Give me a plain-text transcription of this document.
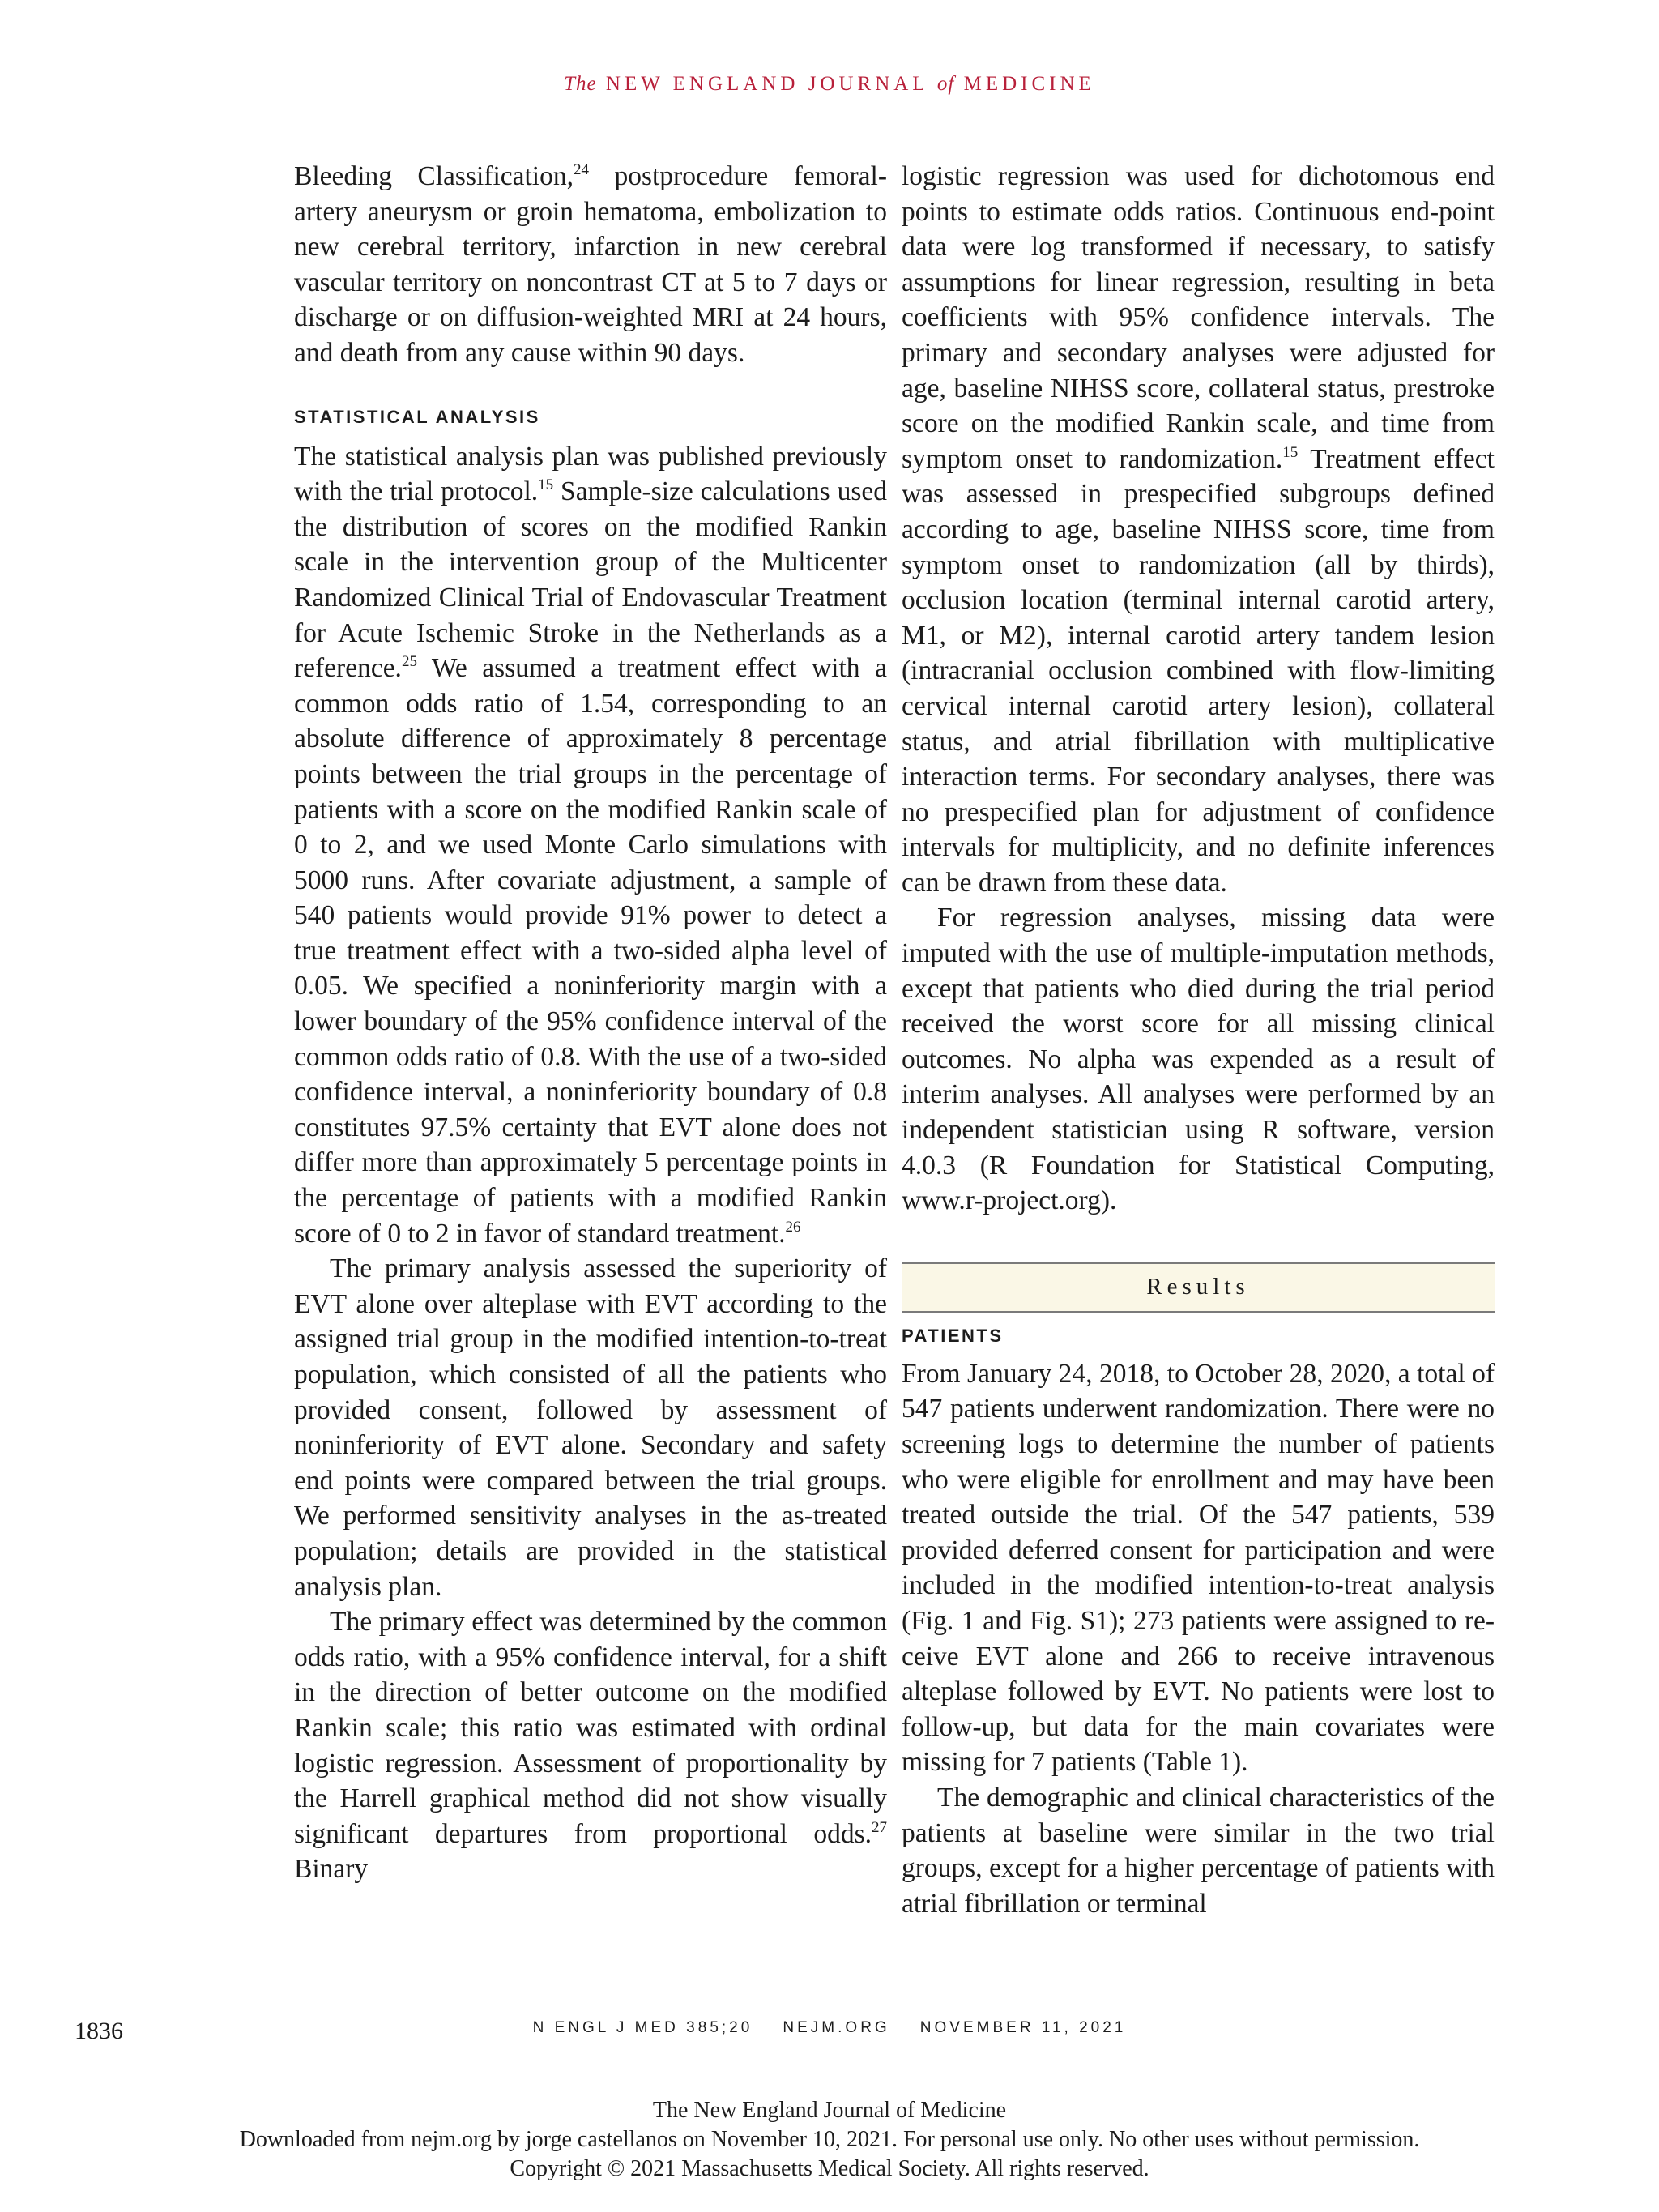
The NEW ENGLAND JOURNAL of MEDICINE

Bleeding Classification,$^{24}$ postprocedure femoral-artery aneurysm or groin hematoma, embolization to new cerebral territory, infarction in new cerebral vascular territory on noncontrast CT at 5 to 7 days or discharge or on diffusion-weighted MRI at 24 hours, and death from any cause within 90 days.

STATISTICAL ANALYSIS

The statistical analysis plan was published previously with the trial protocol.$^{15}$ Sample-size calculations used the distribution of scores on the modified Rankin scale in the intervention group of the Multicenter Randomized Clinical Trial of Endovascular Treatment for Acute Ischemic Stroke in the Netherlands as a reference.$^{25}$ We assumed a treatment effect with a common odds ratio of 1.54, corresponding to an absolute difference of approximately 8 percentage points between the trial groups in the percentage of patients with a score on the modified Rankin scale of 0 to 2, and we used Monte Carlo simulations with 5000 runs. After covariate adjustment, a sample of 540 patients would provide 91% power to detect a true treatment effect with a two-sided alpha level of 0.05. We specified a noninferiority margin with a lower boundary of the 95% confidence interval of the common odds ratio of 0.8. With the use of a two-sided confidence interval, a noninferiority boundary of 0.8 constitutes 97.5% certainty that EVT alone does not differ more than approximately 5 percentage points in the percentage of patients with a modified Rankin score of 0 to 2 in favor of standard treatment.$^{26}$

The primary analysis assessed the superiority of EVT alone over alteplase with EVT according to the assigned trial group in the modified intention-to-treat population, which consisted of all the patients who provided consent, followed by assessment of noninferiority of EVT alone. Secondary and safety end points were compared between the trial groups. We performed sensitivity analyses in the as-treated population; details are provided in the statistical analysis plan.

The primary effect was determined by the common odds ratio, with a 95% confidence interval, for a shift in the direction of better outcome on the modified Rankin scale; this ratio was estimated with ordinal logistic regression. Assessment of proportionality by the Harrell graphical method did not show visually significant departures from proportional odds.$^{27}$ Binary

logistic regression was used for dichotomous end points to estimate odds ratios. Continuous end-point data were log transformed if necessary, to satisfy assumptions for linear regression, resulting in beta coefficients with 95% confidence intervals. The primary and secondary analyses were adjusted for age, baseline NIHSS score, collateral status, prestroke score on the modified Rankin scale, and time from symptom onset to randomization.$^{15}$ Treatment effect was assessed in prespecified subgroups defined according to age, baseline NIHSS score, time from symptom onset to randomization (all by thirds), occlusion location (terminal internal carotid artery, M1, or M2), internal carotid artery tandem lesion (intracranial occlusion combined with flow-limiting cervical internal carotid artery lesion), collateral status, and atrial fibrillation with multiplicative interaction terms. For secondary analyses, there was no prespecified plan for adjustment of confidence intervals for multiplicity, and no definite inferences can be drawn from these data.

For regression analyses, missing data were imputed with the use of multiple-imputation methods, except that patients who died during the trial period received the worst score for all missing clinical outcomes. No alpha was expended as a result of interim analyses. All analyses were performed by an independent statistician using R software, version 4.0.3 (R Foundation for Statistical Computing, www.r-project.org).

Results
PATIENTS

From January 24, 2018, to October 28, 2020, a total of 547 patients underwent randomization. There were no screening logs to determine the number of patients who were eligible for enrollment and may have been treated outside the trial. Of the 547 patients, 539 provided deferred consent for participation and were included in the modified intention-to-treat analysis (Fig. 1 and Fig. S1); 273 patients were assigned to receive EVT alone and 266 to receive intravenous alteplase followed by EVT. No patients were lost to follow-up, but data for the main covariates were missing for 7 patients (Table 1).

The demographic and clinical characteristics of the patients at baseline were similar in the two trial groups, except for a higher percentage of patients with atrial fibrillation or terminal

1836	N ENGL J MED 385;20    NEJM.ORG    NOVEMBER 11, 2021
The New England Journal of Medicine
Downloaded from nejm.org by jorge castellanos on November 10, 2021. For personal use only. No other uses without permission.
Copyright © 2021 Massachusetts Medical Society. All rights reserved.
